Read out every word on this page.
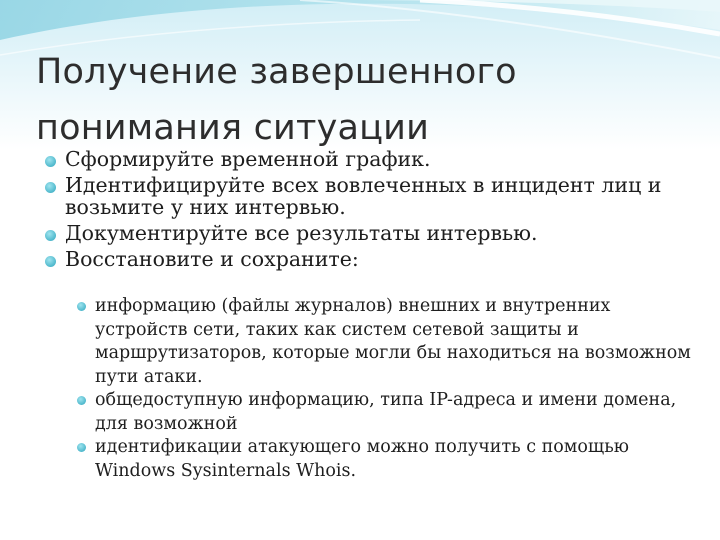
Получение завершенного
понимания ситуации
Сформируйте временной график.
Идентифицируйте всех вовлеченных в инцидент лиц и возьмите у них интервью.
Документируйте все результаты интервью.
Восстановите и сохраните:
информацию (файлы журналов) внешних и внутренних устройств сети, таких как систем сетевой защиты и маршрутизаторов, которые могли бы находиться на возможном пути атаки.
общедоступную информацию, типа IP-адреса и имени домена, для возможной
идентификации атакующего можно получить с помощью Windows Sysinternals Whois.
